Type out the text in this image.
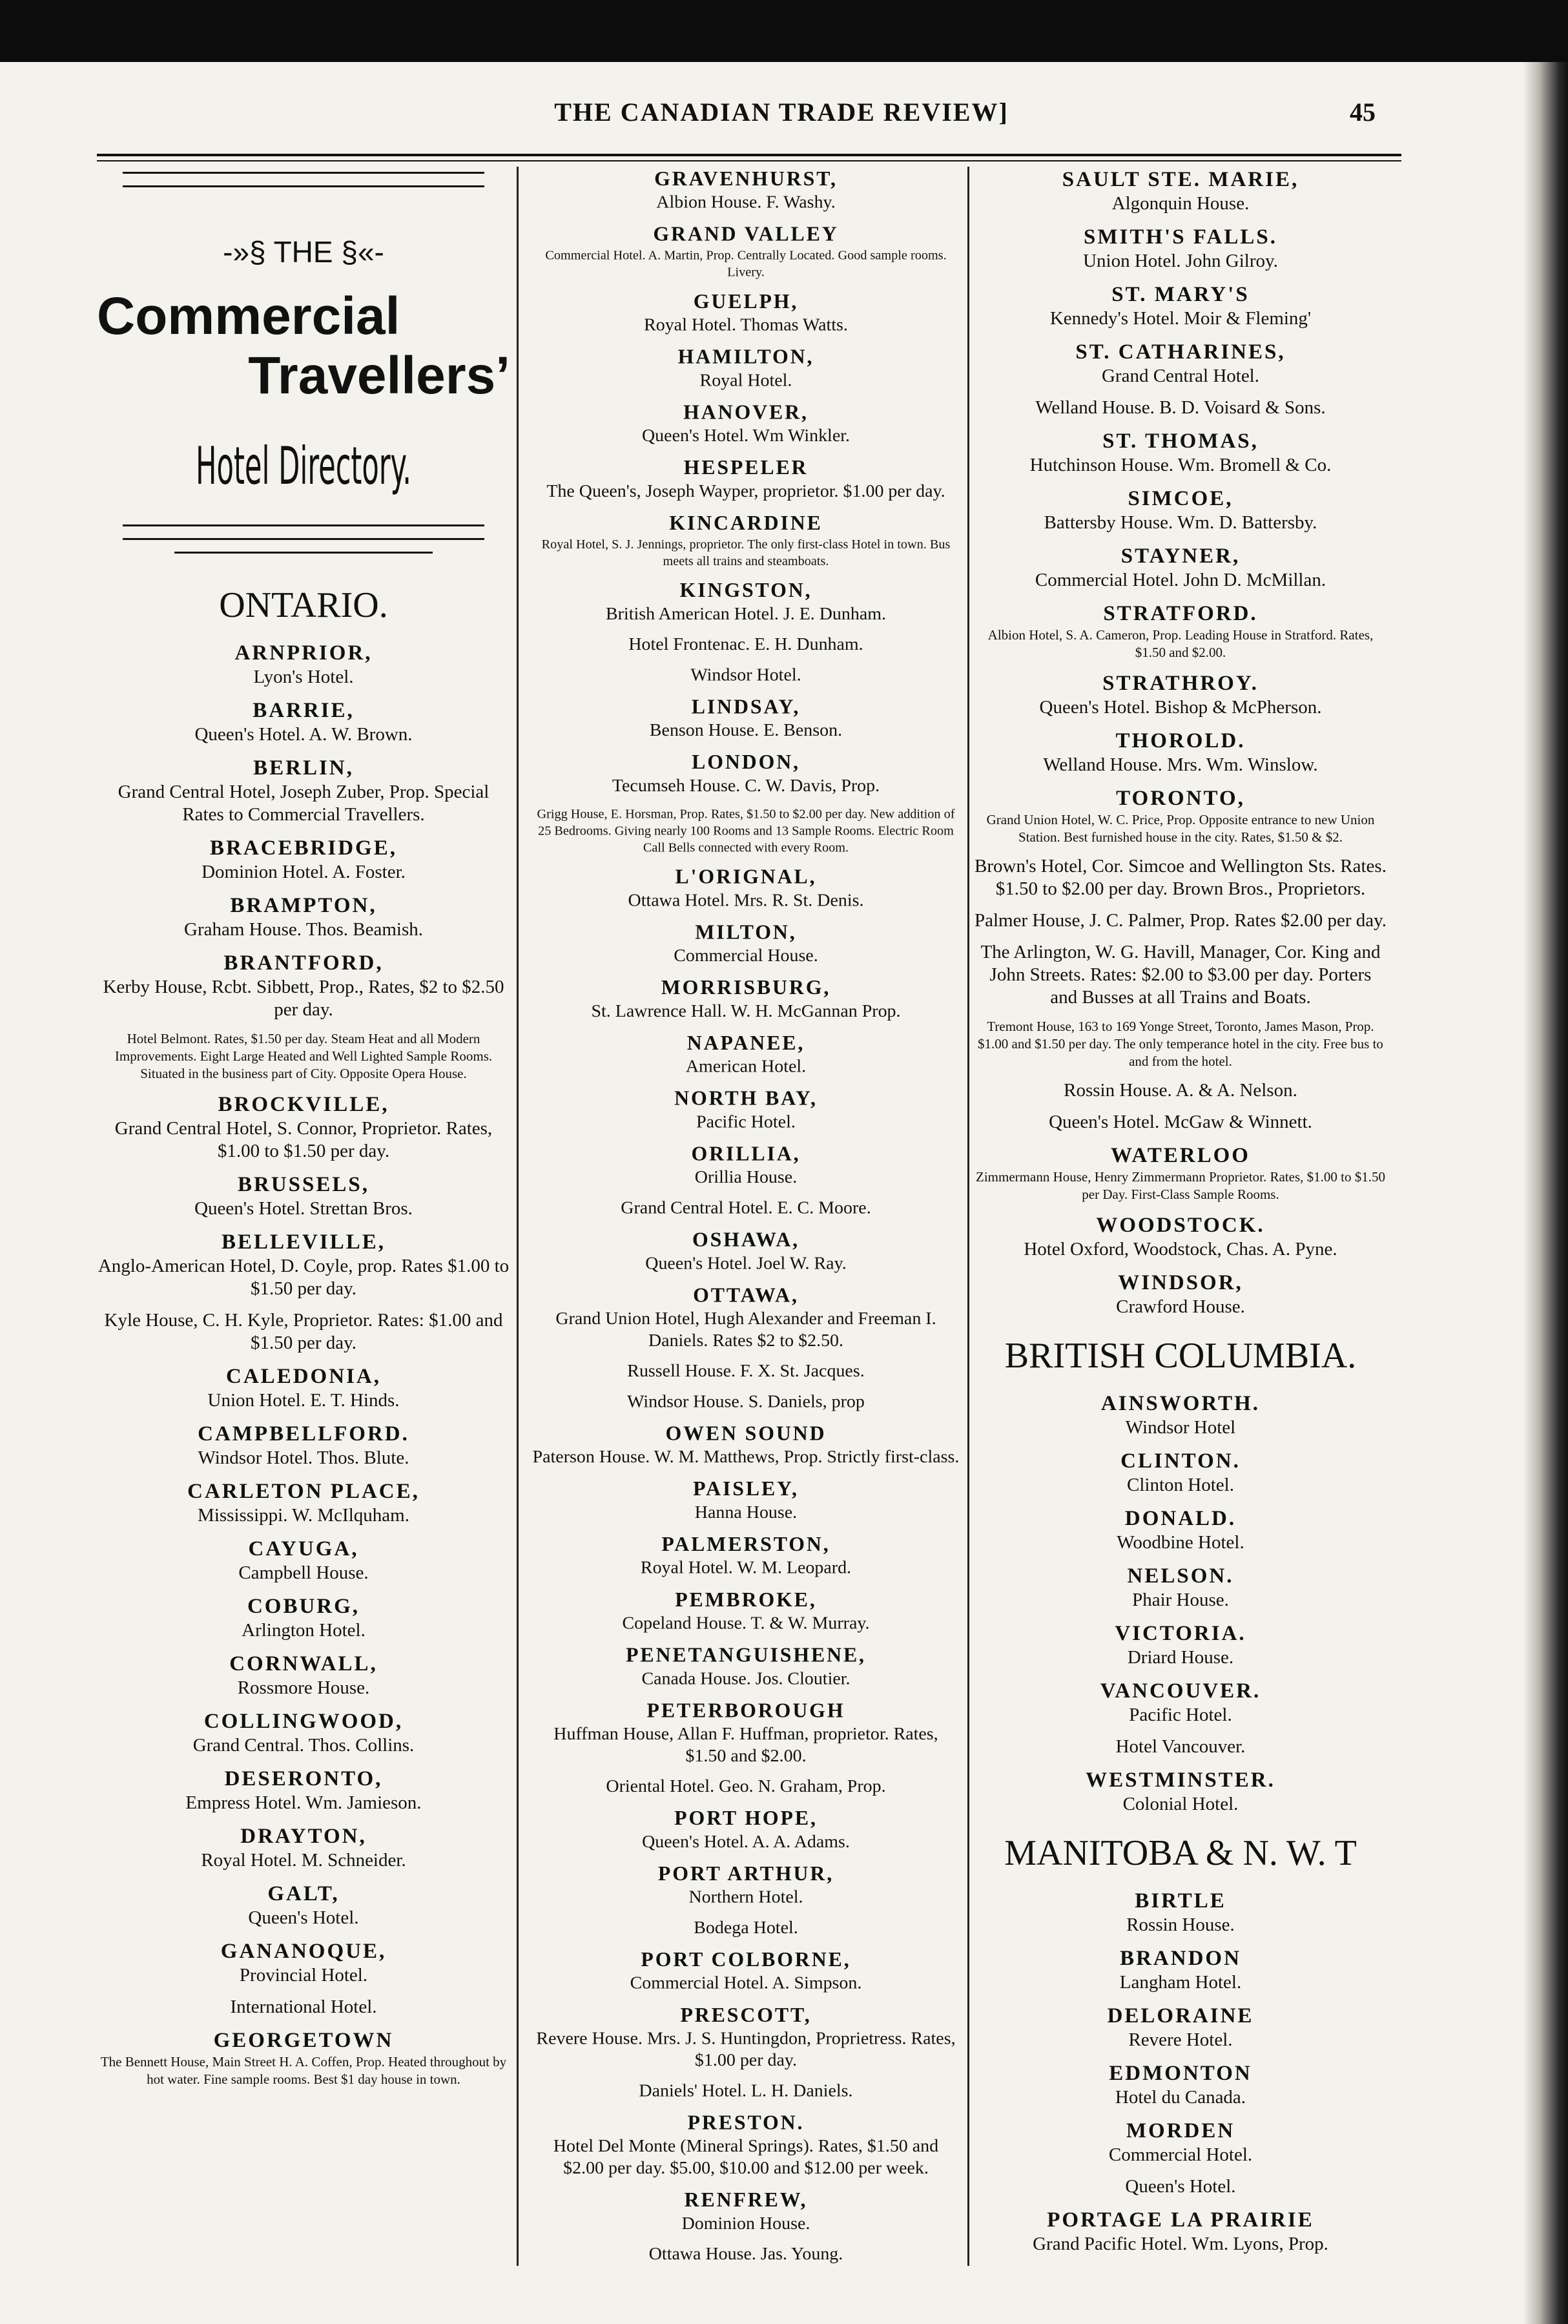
THE CANADIAN TRADE REVIEW]	45
-»§ THE §«-
Commercial
Travellers’
Hotel Directory.
ONTARIO.
ARNPRIOR,
Lyon's Hotel.
BARRIE,
Queen's Hotel. A. W. Brown.
BERLIN,
Grand Central Hotel, Joseph Zuber, Prop. Special Rates to Commercial Travellers.
BRACEBRIDGE,
Dominion Hotel. A. Foster.
BRAMPTON,
Graham House. Thos. Beamish.
BRANTFORD,
Kerby House, Rcbt. Sibbett, Prop., Rates, $2 to $2.50 per day.
Hotel Belmont. Rates, $1.50 per day. Steam Heat and all Modern Improvements. Eight Large Heated and Well Lighted Sample Rooms. Situated in the business part of City. Opposite Opera House.
BROCKVILLE,
Grand Central Hotel, S. Connor, Proprietor. Rates, $1.00 to $1.50 per day.
BRUSSELS,
Queen's Hotel. Strettan Bros.
BELLEVILLE,
Anglo-American Hotel, D. Coyle, prop. Rates $1.00 to $1.50 per day.
Kyle House, C. H. Kyle, Proprietor. Rates: $1.00 and $1.50 per day.
CALEDONIA,
Union Hotel. E. T. Hinds.
CAMPBELLFORD.
Windsor Hotel. Thos. Blute.
CARLETON PLACE,
Mississippi. W. McIlquham.
CAYUGA,
Campbell House.
COBURG,
Arlington Hotel.
CORNWALL,
Rossmore House.
COLLINGWOOD,
Grand Central. Thos. Collins.
DESERONTO,
Empress Hotel. Wm. Jamieson.
DRAYTON,
Royal Hotel. M. Schneider.
GALT,
Queen's Hotel.
GANANOQUE,
Provincial Hotel.
International Hotel.
GEORGETOWN
The Bennett House, Main Street H. A. Coffen, Prop. Heated throughout by hot water. Fine sample rooms. Best $1 day house in town.
GRAVENHURST,
Albion House. F. Washy.
GRAND VALLEY
Commercial Hotel. A. Martin, Prop. Centrally Located. Good sample rooms. Livery.
GUELPH,
Royal Hotel. Thomas Watts.
HAMILTON,
Royal Hotel.
HANOVER,
Queen's Hotel. Wm Winkler.
HESPELER
The Queen's, Joseph Wayper, proprietor. $1.00 per day.
KINCARDINE
Royal Hotel, S. J. Jennings, proprietor. The only first-class Hotel in town. Bus meets all trains and steamboats.
KINGSTON,
British American Hotel. J. E. Dunham.
Hotel Frontenac. E. H. Dunham.
Windsor Hotel.
LINDSAY,
Benson House. E. Benson.
LONDON,
Tecumseh House. C. W. Davis, Prop.
Grigg House, E. Horsman, Prop. Rates, $1.50 to $2.00 per day. New addition of 25 Bedrooms. Giving nearly 100 Rooms and 13 Sample Rooms. Electric Room Call Bells connected with every Room.
L'ORIGNAL,
Ottawa Hotel. Mrs. R. St. Denis.
MILTON,
Commercial House.
MORRISBURG,
St. Lawrence Hall. W. H. McGannan Prop.
NAPANEE,
American Hotel.
NORTH BAY,
Pacific Hotel.
ORILLIA,
Orillia House.
Grand Central Hotel. E. C. Moore.
OSHAWA,
Queen's Hotel. Joel W. Ray.
OTTAWA,
Grand Union Hotel, Hugh Alexander and Freeman I. Daniels. Rates $2 to $2.50.
Russell House. F. X. St. Jacques.
Windsor House. S. Daniels, prop
OWEN SOUND
Paterson House. W. M. Matthews, Prop. Strictly first-class.
PAISLEY,
Hanna House.
PALMERSTON,
Royal Hotel. W. M. Leopard.
PEMBROKE,
Copeland House. T. & W. Murray.
PENETANGUISHENE,
Canada House. Jos. Cloutier.
PETERBOROUGH
Huffman House, Allan F. Huffman, proprietor. Rates, $1.50 and $2.00.
Oriental Hotel. Geo. N. Graham, Prop.
PORT HOPE,
Queen's Hotel. A. A. Adams.
PORT ARTHUR,
Northern Hotel.
Bodega Hotel.
PORT COLBORNE,
Commercial Hotel. A. Simpson.
PRESCOTT,
Revere House. Mrs. J. S. Huntingdon, Proprietress. Rates, $1.00 per day.
Daniels' Hotel. L. H. Daniels.
PRESTON.
Hotel Del Monte (Mineral Springs). Rates, $1.50 and $2.00 per day. $5.00, $10.00 and $12.00 per week.
RENFREW,
Dominion House.
Ottawa House. Jas. Young.
SAULT STE. MARIE,
Algonquin House.
SMITH'S FALLS.
Union Hotel. John Gilroy.
ST. MARY'S
Kennedy's Hotel. Moir & Fleming'
ST. CATHARINES,
Grand Central Hotel.
Welland House. B. D. Voisard & Sons.
ST. THOMAS,
Hutchinson House. Wm. Bromell & Co.
SIMCOE,
Battersby House. Wm. D. Battersby.
STAYNER,
Commercial Hotel. John D. McMillan.
STRATFORD.
Albion Hotel, S. A. Cameron, Prop. Leading House in Stratford. Rates, $1.50 and $2.00.
STRATHROY.
Queen's Hotel. Bishop & McPherson.
THOROLD.
Welland House. Mrs. Wm. Winslow.
TORONTO,
Grand Union Hotel, W. C. Price, Prop. Opposite entrance to new Union Station. Best furnished house in the city. Rates, $1.50 & $2.
Brown's Hotel, Cor. Simcoe and Wellington Sts. Rates. $1.50 to $2.00 per day. Brown Bros., Proprietors.
Palmer House, J. C. Palmer, Prop. Rates $2.00 per day.
The Arlington, W. G. Havill, Manager, Cor. King and John Streets. Rates: $2.00 to $3.00 per day. Porters and Busses at all Trains and Boats.
Tremont House, 163 to 169 Yonge Street, Toronto, James Mason, Prop. $1.00 and $1.50 per day. The only temperance hotel in the city. Free bus to and from the hotel.
Rossin House. A. & A. Nelson.
Queen's Hotel. McGaw & Winnett.
WATERLOO
Zimmermann House, Henry Zimmermann Proprietor. Rates, $1.00 to $1.50 per Day. First-Class Sample Rooms.
WOODSTOCK.
Hotel Oxford, Woodstock, Chas. A. Pyne.
WINDSOR,
Crawford House.
BRITISH COLUMBIA.
AINSWORTH.
Windsor Hotel
CLINTON.
Clinton Hotel.
DONALD.
Woodbine Hotel.
NELSON.
Phair House.
VICTORIA.
Driard House.
VANCOUVER.
Pacific Hotel.
Hotel Vancouver.
WESTMINSTER.
Colonial Hotel.
MANITOBA & N. W. T
BIRTLE
Rossin House.
BRANDON
Langham Hotel.
DELORAINE
Revere Hotel.
EDMONTON
Hotel du Canada.
MORDEN
Commercial Hotel.
Queen's Hotel.
PORTAGE LA PRAIRIE
Grand Pacific Hotel. Wm. Lyons, Prop.
